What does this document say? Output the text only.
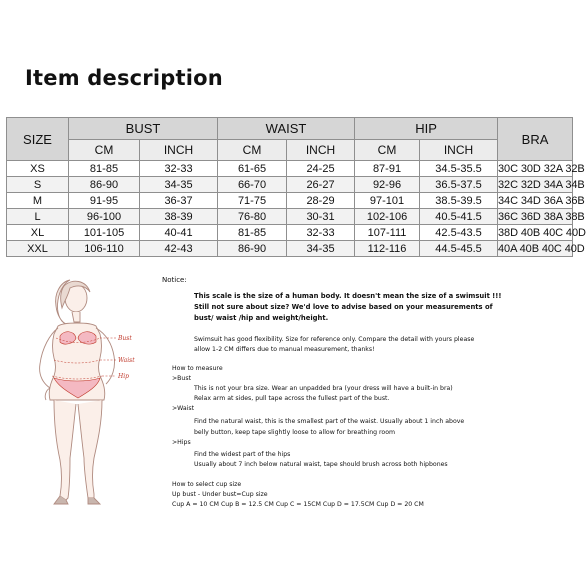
Item description
SIZE	BUST		WAIST		HIP		BRA
	CM	INCH	CM	INCH	CM	INCH	
XS	81-85	32-33	61-65	24-25	87-91	34.5-35.5	30C 30D 32A 32B
S	86-90	34-35	66-70	26-27	92-96	36.5-37.5	32C 32D 34A 34B
M	91-95	36-37	71-75	28-29	97-101	38.5-39.5	34C 34D 36A 36B
L	96-100	38-39	76-80	30-31	102-106	40.5-41.5	36C 36D 38A 38B
XL	101-105	40-41	81-85	32-33	107-111	42.5-43.5	38D 40B 40C 40D
XXL	106-110	42-43	86-90	34-35	112-116	44.5-45.5	40A 40B 40C 40D
Bust
Waist
Hip
Notice:
This scale is the size of a human body. It doesn't mean the size of a swimsuit !!!
Still not sure about size? We'd love to advise based on your measurements of
bust/ waist /hip and weight/height.
Swimsuit has good flexibility. Size for reference only. Compare the detail with yours please
allow 1-2 CM differs due to manual measurement, thanks!
How to measure
>Bust
This is not your bra size. Wear an unpadded bra (your dress will have a built-in bra)
Relax arm at sides, pull tape across the fullest part of the bust.
>Waist
Find the natural waist, this is the smallest part of the waist. Usually about 1 inch above
belly button, keep tape slightly loose to allow for breathing room
>Hips
Find the widest part of the hips
Usually about 7 inch below natural waist, tape should brush across both hipbones
How to select cup size
Up bust - Under bust=Cup size
Cup A = 10 CM Cup B = 12.5 CM Cup C = 15CM Cup D = 17.5CM Cup D = 20 CM
